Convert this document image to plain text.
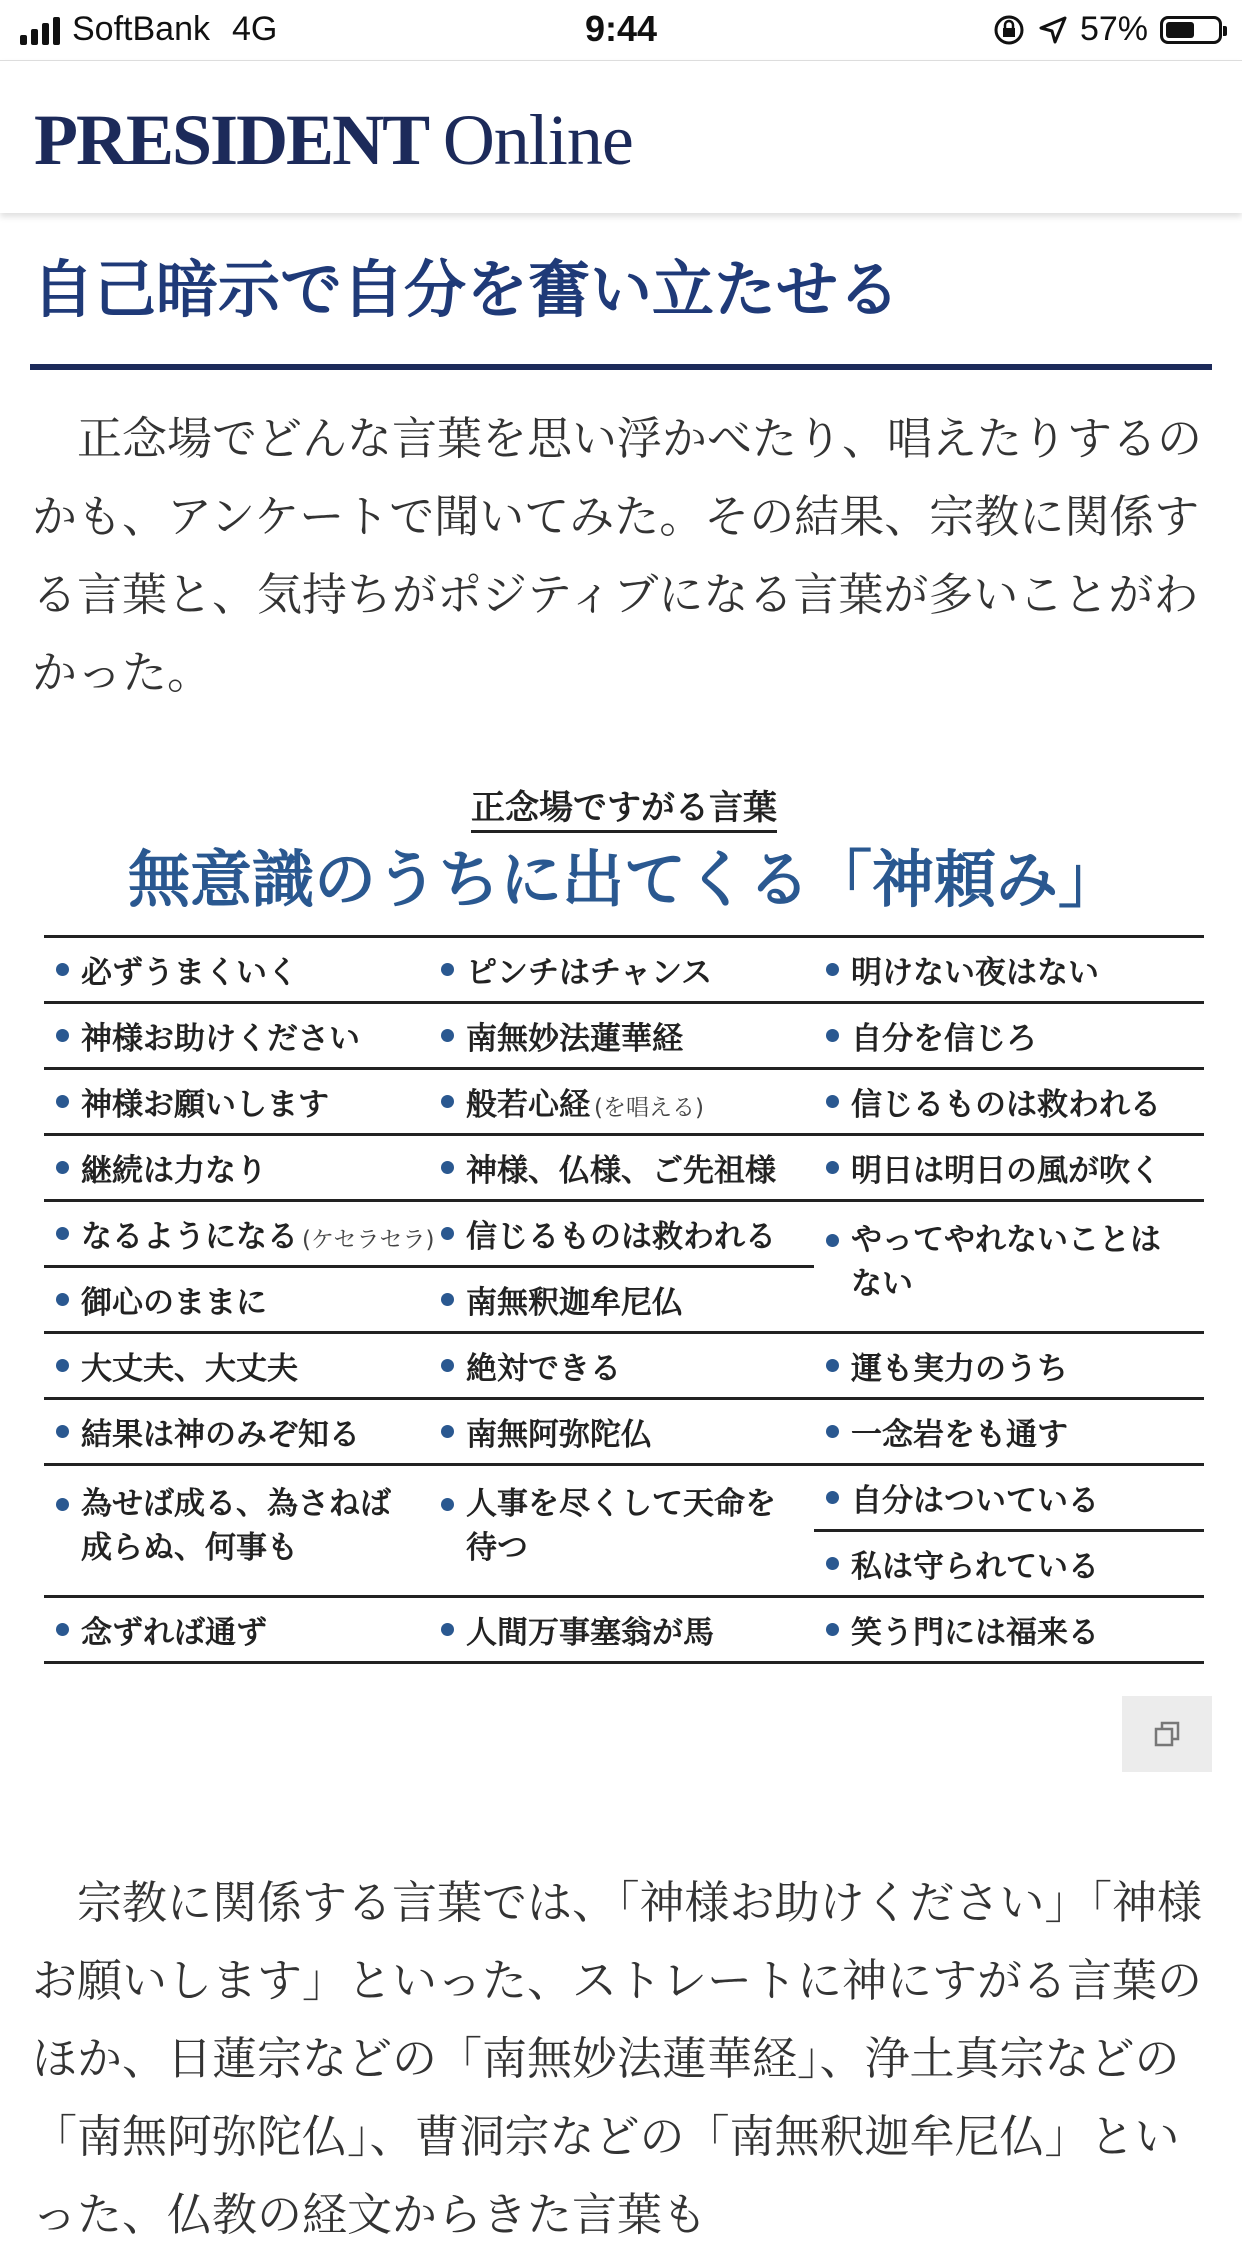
SoftBank 4G	9:44	57%
PRESIDENT Online
自己暗示で自分を奮い立たせる
　正念場でどんな言葉を思い浮かべたり、唱えたりするのかも、アンケートで聞いてみた。その結果、宗教に関係する言葉と、気持ちがポジティブになる言葉が多いことがわかった。
正念場ですがる言葉
無意識のうちに出てくる「神頼み」
必ずうまくいく
神様お助けください
神様お願いします
継続は力なり
なるようになる (ケセラセラ)
御心のままに
大丈夫、大丈夫
結果は神のみぞ知る
為せば成る、為さねば成らぬ、何事も
念ずれば通ず
ピンチはチャンス
南無妙法蓮華経
般若心経 (を唱える)
神様、仏様、ご先祖様
信じるものは救われる
南無釈迦牟尼仏
絶対できる
南無阿弥陀仏
人事を尽くして天命を待つ
人間万事塞翁が馬
明けない夜はない
自分を信じろ
信じるものは救われる
明日は明日の風が吹く
やってやれないことはない
運も実力のうち
一念岩をも通す
自分はついている
私は守られている
笑う門には福来る
　宗教に関係する言葉では、「神様お助けください」「神様お願いします」といった、ストレートに神にすがる言葉のほか、日蓮宗などの「南無妙法蓮華経」、浄土真宗などの「南無阿弥陀仏」、曹洞宗などの「南無釈迦牟尼仏」といった、仏教の経文からきた言葉も
